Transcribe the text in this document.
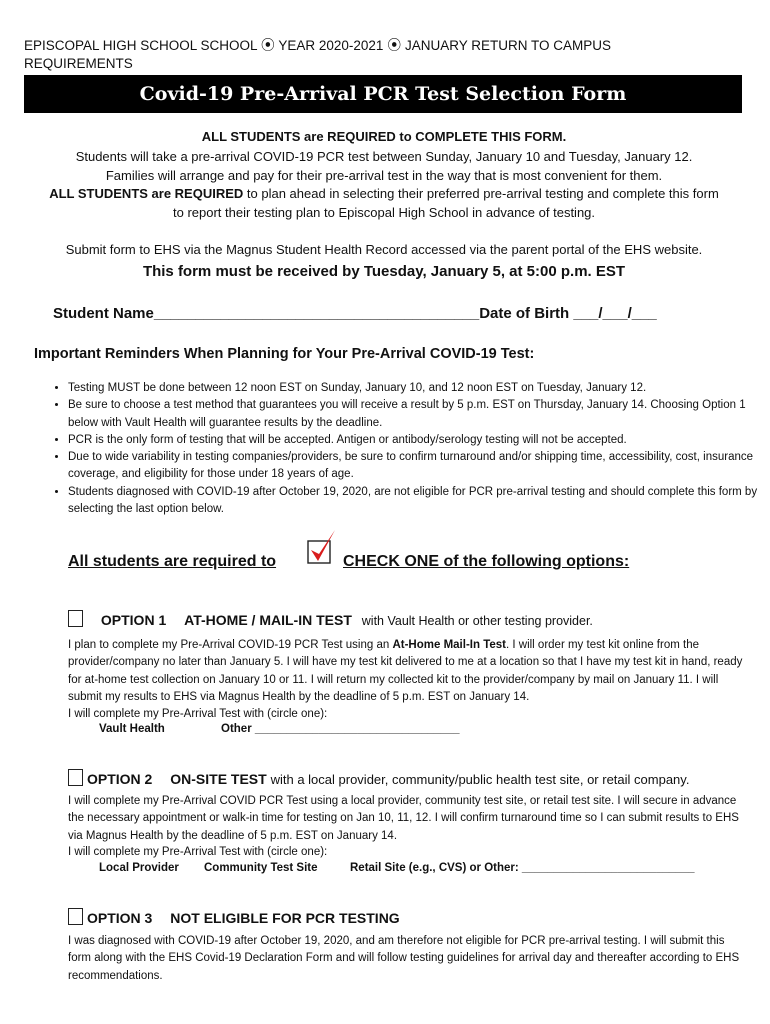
EPISCOPAL HIGH SCHOOL SCHOOL ⦿ YEAR 2020-2021 ⦿ JANUARY RETURN TO CAMPUS
REQUIREMENTS
Covid-19 Pre-Arrival PCR Test Selection Form
ALL STUDENTS are REQUIRED to COMPLETE THIS FORM.
Students will take a pre-arrival COVID-19 PCR test between Sunday, January 10 and Tuesday, January 12.
Families will arrange and pay for their pre-arrival test in the way that is most convenient for them.
ALL STUDENTS are REQUIRED to plan ahead in selecting their preferred pre-arrival testing and complete this form
to report their testing plan to Episcopal High School in advance of testing.
Submit form to EHS via the Magnus Student Health Record accessed via the parent portal of the EHS website.
This form must be received by Tuesday, January 5, at 5:00 p.m. EST
Student Name_______________________________________Date of Birth ___/___/___
Important Reminders When Planning for Your Pre-Arrival COVID-19 Test:
• Testing MUST be done between 12 noon EST on Sunday, January 10, and 12 noon EST on Tuesday, January 12.
• Be sure to choose a test method that guarantees you will receive a result by 5 p.m. EST on Thursday, January 14. Choosing Option 1 below with Vault Health will guarantee results by the deadline.
• PCR is the only form of testing that will be accepted. Antigen or antibody/serology testing will not be accepted.
• Due to wide variability in testing companies/providers, be sure to confirm turnaround and/or shipping time, accessibility, cost, insurance coverage, and eligibility for those under 18 years of age.
• Students diagnosed with COVID-19 after October 19, 2020, are not eligible for PCR pre-arrival testing and should complete this form by selecting the last option below.
All students are required to	CHECK ONE of the following options:
OPTION 1 AT-HOME / MAIL-IN TEST with Vault Health or other testing provider.
I plan to complete my Pre-Arrival COVID-19 PCR Test using an At-Home Mail-In Test. I will order my test kit online from the provider/company no later than January 5. I will have my test kit delivered to me at a location so that I have my test kit in hand, ready for at-home test collection on January 10 or 11. I will return my collected kit to the provider/company by mail on January 11. I will submit my results to EHS via Magnus Health by the deadline of 5 p.m. EST on January 14.
I will complete my Pre-Arrival Test with (circle one):
Vault Health	Other ________________________________
OPTION 2 ON-SITE TEST with a local provider, community/public health test site, or retail company.
I will complete my Pre-Arrival COVID PCR Test using a local provider, community test site, or retail test site. I will secure in advance the necessary appointment or walk-in time for testing on Jan 10, 11, 12. I will confirm turnaround time so I can submit results to EHS via Magnus Health by the deadline of 5 p.m. EST on January 14.
I will complete my Pre-Arrival Test with (circle one):
Local Provider Community Test Site	Retail Site (e.g., CVS) or Other: ___________________________
OPTION 3 NOT ELIGIBLE FOR PCR TESTING
I was diagnosed with COVID-19 after October 19, 2020, and am therefore not eligible for PCR pre-arrival testing. I will submit this form along with the EHS Covid-19 Declaration Form and will follow testing guidelines for arrival day and thereafter according to EHS recommendations.
